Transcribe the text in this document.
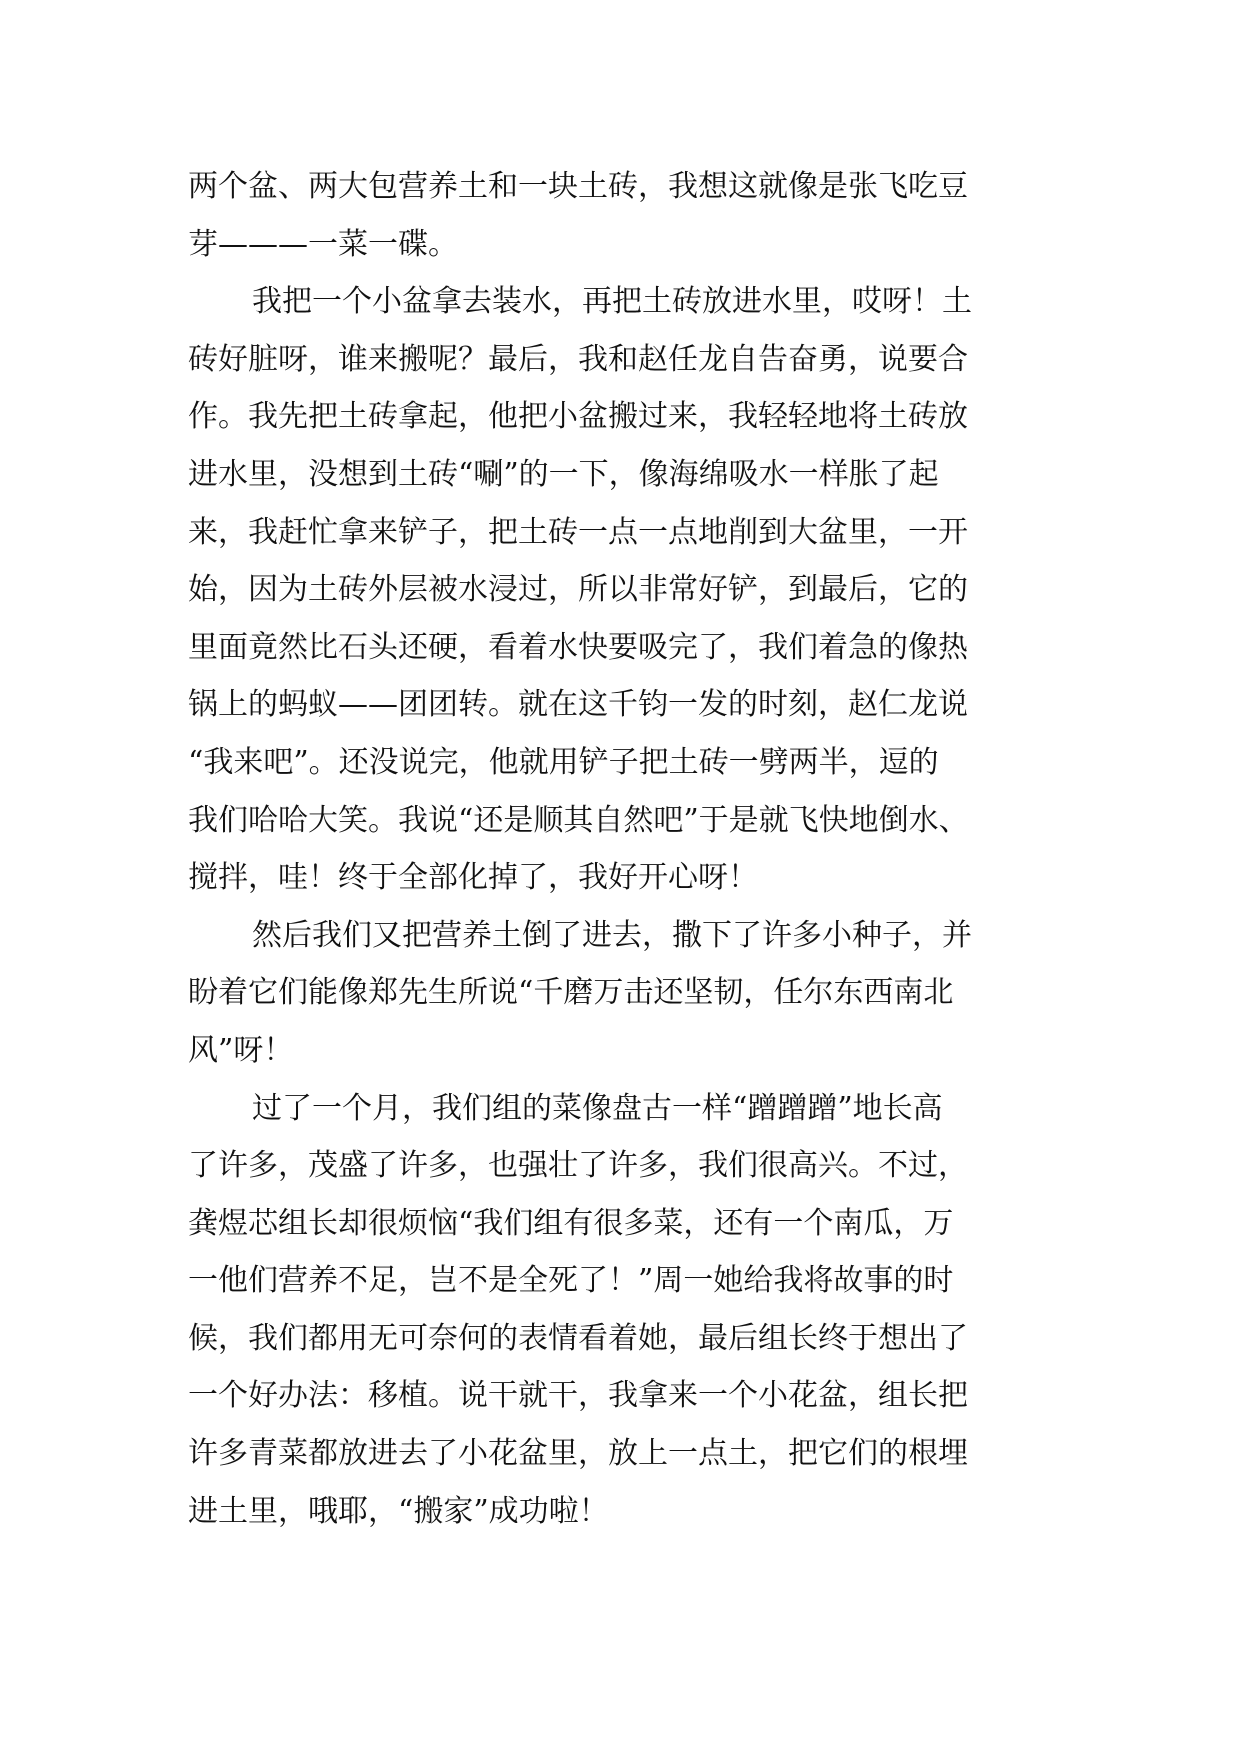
两个盆、两大包营养土和一块土砖，我想这就像是张飞吃豆
芽———一菜一碟。
我把一个小盆拿去装水，再把土砖放进水里，哎呀！土
砖好脏呀，谁来搬呢？最后，我和赵任龙自告奋勇，说要合
作。我先把土砖拿起，他把小盆搬过来，我轻轻地将土砖放
进水里，没想到土砖“唰”的一下，像海绵吸水一样胀了起
来，我赶忙拿来铲子，把土砖一点一点地削到大盆里，一开
始，因为土砖外层被水浸过，所以非常好铲，到最后，它的
里面竟然比石头还硬，看着水快要吸完了，我们着急的像热
锅上的蚂蚁——团团转。就在这千钧一发的时刻，赵仁龙说
“我来吧”。还没说完，他就用铲子把土砖一劈两半，逗的
我们哈哈大笑。我说“还是顺其自然吧”于是就飞快地倒水、
搅拌，哇！终于全部化掉了，我好开心呀！
然后我们又把营养土倒了进去，撒下了许多小种子，并
盼着它们能像郑先生所说“千磨万击还坚韧，任尔东西南北
风”呀！
过了一个月，我们组的菜像盘古一样“蹭蹭蹭”地长高
了许多，茂盛了许多，也强壮了许多，我们很高兴。不过，
龚煜芯组长却很烦恼“我们组有很多菜，还有一个南瓜，万
一他们营养不足，岂不是全死了！”周一她给我将故事的时
候，我们都用无可奈何的表情看着她，最后组长终于想出了
一个好办法：移植。说干就干，我拿来一个小花盆，组长把
许多青菜都放进去了小花盆里，放上一点土，把它们的根埋
进土里，哦耶，“搬家”成功啦！
